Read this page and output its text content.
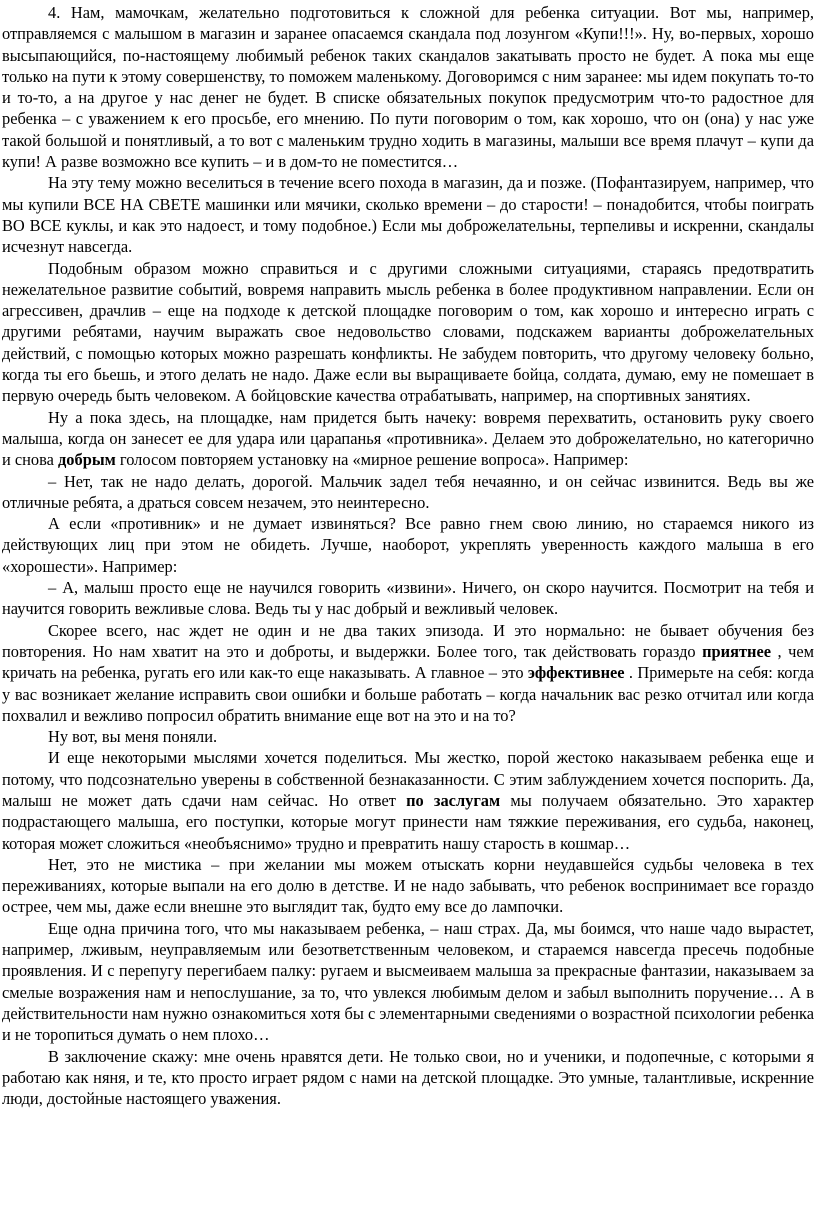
4. Нам, мамочкам, желательно подготовиться к сложной для ребенка ситуации. Вот мы, например, отправляемся с малышом в магазин и заранее опасаемся скандала под лозунгом «Купи!!!». Ну, во-первых, хорошо высыпающийся, по-настоящему любимый ребенок таких скандалов закатывать просто не будет. А пока мы еще только на пути к этому совершенству, то поможем маленькому. Договоримся с ним заранее: мы идем покупать то-то и то-то, а на другое у нас денег не будет. В списке обязательных покупок предусмотрим что-то радостное для ребенка – с уважением к его просьбе, его мнению. По пути поговорим о том, как хорошо, что он (она) у нас уже такой большой и понятливый, а то вот с маленьким трудно ходить в магазины, малыши все время плачут – купи да купи! А разве возможно все купить – и в дом-то не поместится…

На эту тему можно веселиться в течение всего похода в магазин, да и позже. (Пофантазируем, например, что мы купили ВСЕ НА СВЕТЕ машинки или мячики, сколько времени – до старости! – понадобится, чтобы поиграть ВО ВСЕ куклы, и как это надоест, и тому подобное.) Если мы доброжелательны, терпеливы и искренни, скандалы исчезнут навсегда.

Подобным образом можно справиться и с другими сложными ситуациями, стараясь предотвратить нежелательное развитие событий, вовремя направить мысль ребенка в более продуктивном направлении. Если он агрессивен, драчлив – еще на подходе к детской площадке поговорим о том, как хорошо и интересно играть с другими ребятами, научим выражать свое недовольство словами, подскажем варианты доброжелательных действий, с помощью которых можно разрешать конфликты. Не забудем повторить, что другому человеку больно, когда ты его бьешь, и этого делать не надо. Даже если вы выращиваете бойца, солдата, думаю, ему не помешает в первую очередь быть человеком. А бойцовские качества отрабатывать, например, на спортивных занятиях.

Ну а пока здесь, на площадке, нам придется быть начеку: вовремя перехватить, остановить руку своего малыша, когда он занесет ее для удара или царапанья «противника». Делаем это доброжелательно, но категорично и снова добрым голосом повторяем установку на «мирное решение вопроса». Например:

– Нет, так не надо делать, дорогой. Мальчик задел тебя нечаянно, и он сейчас извинится. Ведь вы же отличные ребята, а драться совсем незачем, это неинтересно.

А если «противник» и не думает извиняться? Все равно гнем свою линию, но стараемся никого из действующих лиц при этом не обидеть. Лучше, наоборот, укреплять уверенность каждого малыша в его «хорошести». Например:

– А, малыш просто еще не научился говорить «извини». Ничего, он скоро научится. Посмотрит на тебя и научится говорить вежливые слова. Ведь ты у нас добрый и вежливый человек.

Скорее всего, нас ждет не один и не два таких эпизода. И это нормально: не бывает обучения без повторения. Но нам хватит на это и доброты, и выдержки. Более того, так действовать гораздо приятнее , чем кричать на ребенка, ругать его или как-то еще наказывать. А главное – это эффективнее . Примерьте на себя: когда у вас возникает желание исправить свои ошибки и больше работать – когда начальник вас резко отчитал или когда похвалил и вежливо попросил обратить внимание еще вот на это и на то?

Ну вот, вы меня поняли.

И еще некоторыми мыслями хочется поделиться. Мы жестко, порой жестоко наказываем ребенка еще и потому, что подсознательно уверены в собственной безнаказанности. С этим заблуждением хочется поспорить. Да, малыш не может дать сдачи нам сейчас. Но ответ по заслугам мы получаем обязательно. Это характер подрастающего малыша, его поступки, которые могут принести нам тяжкие переживания, его судьба, наконец, которая может сложиться «необъяснимо» трудно и превратить нашу старость в кошмар…

Нет, это не мистика – при желании мы можем отыскать корни неудавшейся судьбы человека в тех переживаниях, которые выпали на его долю в детстве. И не надо забывать, что ребенок воспринимает все гораздо острее, чем мы, даже если внешне это выглядит так, будто ему все до лампочки.

Еще одна причина того, что мы наказываем ребенка, – наш страх. Да, мы боимся, что наше чадо вырастет, например, лживым, неуправляемым или безответственным человеком, и стараемся навсегда пресечь подобные проявления. И с перепугу перегибаем палку: ругаем и высмеиваем малыша за прекрасные фантазии, наказываем за смелые возражения нам и непослушание, за то, что увлекся любимым делом и забыл выполнить поручение… А в действительности нам нужно ознакомиться хотя бы с элементарными сведениями о возрастной психологии ребенка и не торопиться думать о нем плохо…

В заключение скажу: мне очень нравятся дети. Не только свои, но и ученики, и подопечные, с которыми я работаю как няня, и те, кто просто играет рядом с нами на детской площадке. Это умные, талантливые, искренние люди, достойные настоящего уважения.
